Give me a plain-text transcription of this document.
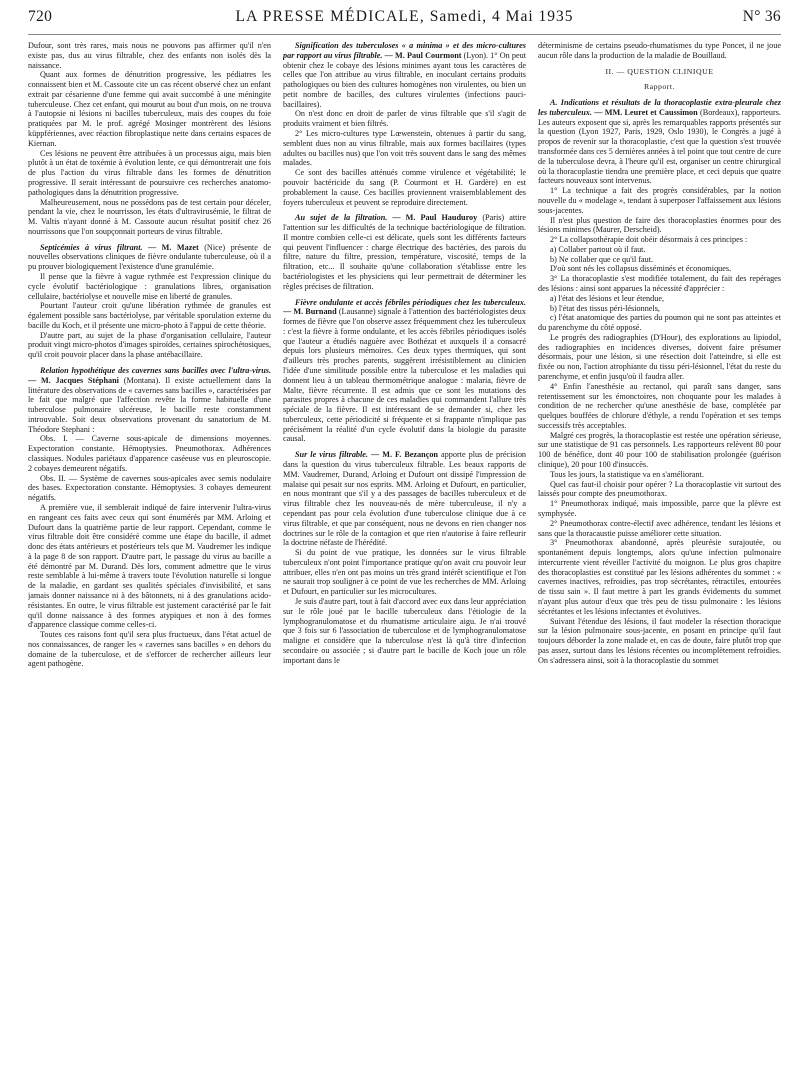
720	LA PRESSE MÉDICALE, Samedi, 4 Mai 1935	N° 36

Dufour, sont très rares, mais nous ne pouvons pas affirmer qu'il n'en existe pas, dus au virus filtrable, chez des enfants non isolés dès la naissance.

Quant aux formes de dénutrition progressive, les pédiatres les connaissent bien et M. Cassoute cite un cas récent observé chez un enfant extrait par césarienne d'une femme qui avait succombé à une méningite tuberculeuse. Chez cet enfant, qui mourut au bout d'un mois, on ne trouva à l'autopsie ni lésions ni bacilles tuberculeux, mais des coupes du foie pratiquées par M. le prof. agrégé Mosinger montrèrent des lésions küppfériennes, avec réaction fibroplastique nette dans certains espaces de Kiernan.

Ces lésions ne peuvent être attribuées à un processus aigu, mais bien plutôt à un état de toxémie à évolution lente, ce qui démontrerait une fois de plus l'action du virus filtrable dans les formes de dénutrition progressive. Il serait intéressant de poursuivre ces recherches anatomo-pathologiques dans la dénutrition progressive.

Malheureusement, nous ne possédons pas de test certain pour déceler, pendant la vie, chez le nourrisson, les états d'ultravirusémie, le filtrat de M. Valtis n'ayant donné à M. Cassoute aucun résultat positif chez 26 nourrissons que l'on soupçonnait porteurs de virus filtrable.

Septicémies à virus filtrant. — M. Mazet (Nice) présente de nouvelles observations cliniques de fièvre ondulante tuberculeuse, où il a pu prouver biologiquement l'existence d'une granulémie.

Il pense que la fièvre à vague rythmée est l'expression clinique du cycle évolutif bactériologique : granulations libres, organisation cellulaire, bactériolyse et nouvelle mise en liberté de granules.

Pourtant l'auteur croit qu'une libération rythmée de granules est également possible sans bactériolyse, par véritable sporulation externe du bacille du Koch, et il présente une micro-photo à l'appui de cette théorie.

D'autre part, au sujet de la phase d'organisation cellulaire, l'auteur produit vingt micro-photos d'images spiroïdes, certaines spirochétosiques, qu'il croit pouvoir placer dans la phase antébacillaire.

Relation hypothétique des cavernes sans bacilles avec l'ultra-virus. — M. Jacques Stéphani (Montana). Il existe actuellement dans la littérature des observations de « cavernes sans bacilles », caractérisées par le fait que malgré que l'affection revête la forme habituelle d'une tuberculose pulmonaire ulcéreuse, le bacille reste constamment introuvable. Soit deux observations provenant du sanatorium de M. Théodore Stephani :

Obs. I. — Caverne sous-apicale de dimensions moyennes. Expectoration constante. Hémoptysies. Pneumothorax. Adhérences classiques. Nodules pariétaux d'apparence caséeuse vus en pleuroscopie. 2 cobayes demeurent négatifs.

Obs. II. — Système de cavernes sous-apicales avec semis nodulaire des bases. Expectoration constante. Hémoptysies. 3 cobayes demeurent négatifs.

A première vue, il semblerait indiqué de faire intervenir l'ultra-virus en rangeant ces faits avec ceux qui sont énumérés par MM. Arloing et Dufourt dans la quatrième partie de leur rapport. Cependant, comme le virus filtrable doit être considéré comme une étape du bacille, il admet donc des états antérieurs et postérieurs tels que M. Vaudremer les indique à la page 8 de son rapport. D'autre part, le passage du virus au bacille a été démontré par M. Durand. Dès lors, comment admettre que le virus reste semblable à lui-même à travers toute l'évolution naturelle si longue de la maladie, en gardant ses qualités spéciales d'invisibilité, et sans jamais donner naissance ni à des bâtonnets, ni à des granulations acido-résistantes. En outre, le virus filtrable est justement caractérisé par le fait qu'il donne naissance à des formes atypiques et non à des formes d'apparence classique comme celles-ci.

Toutes ces raisons font qu'il sera plus fructueux, dans l'état actuel de nos connaissances, de ranger les « cavernes sans bacilles » en dehors du domaine de la tuberculose, et de s'efforcer de rechercher ailleurs leur agent pathogène.

Signification des tuberculoses « a minima » et des micro-cultures par rapport au virus filtrable. — M. Paul Courmont (Lyon). 1° On peut obtenir chez le cobaye des lésions minimes ayant tous les caractères de celles que l'on attribue au virus filtrable, en inoculant certains produits pathologiques ou bien des cultures homogènes non virulentes, ou bien un petit nombre de bacilles, des cultures virulentes (infections pauci-bacillaires).

On n'est donc en droit de parler de virus filtrable que s'il s'agit de produits vraiment et bien filtrés.

2° Les micro-cultures type Lœwenstein, obtenues à partir du sang, semblent dues non au virus filtrable, mais aux formes bacillaires (types adultes ou bacilles nus) que l'on voit très souvent dans le sang des mêmes malades.

Ce sont des bacilles atténués comme virulence et végétabilité; le pouvoir bactéricide du sang (P. Courmont et H. Gardère) en est probablement la cause. Ces bacilles proviennent vraisemblablement des foyers tuberculeux et peuvent se reproduire directement.

Au sujet de la filtration. — M. Paul Hauduroy (Paris) attire l'attention sur les difficultés de la technique bactériologique de filtration. Il montre combien celle-ci est délicate, quels sont les différents facteurs qui peuvent l'influencer : charge électrique des bactéries, des parois du filtre, nature du filtre, pression, température, viscosité, temps de la filtration, etc... Il souhaite qu'une collaboration s'établisse entre les bactériologistes et les physiciens qui leur permettrait de déterminer les règles précises de filtration.

Fièvre ondulante et accès fébriles périodiques chez les tuberculeux. — M. Burnand (Lausanne) signale à l'attention des bactériologistes deux formes de fièvre que l'on observe assez fréquemment chez les tuberculeux : c'est la fièvre à forme ondulante, et les accès fébriles périodiques isolés que l'auteur a étudiés naguère avec Bothézat et auxquels il a consacré depuis lors plusieurs mémoires. Ces deux types thermiques, qui sont d'ailleurs très proches parents, suggèrent irrésistiblement au clinicien l'idée d'une similitude possible entre la tuberculose et les maladies qui donnent lieu à un tableau thermométrique analogue : malaria, fièvre de Malte, fièvre récurrente. Il est admis que ce sont les mutations des parasites propres à chacune de ces maladies qui commandent l'allure très spéciale de la fièvre. Il est intéressant de se demander si, chez les tuberculeux, cette périodicité si fréquente et si frappante n'implique pas précisément la réalité d'un cycle évolutif dans la biologie du parasite causal.

Sur le virus filtrable. — M. F. Bezançon apporte plus de précision dans la question du virus tuberculeux filtrable. Les beaux rapports de MM. Vaudremer, Durand, Arloing et Dufourt ont dissipé l'impression de malaise qui pesait sur nos esprits. MM. Arloing et Dufourt, en particulier, en nous montrant que s'il y a des passages de bacilles tuberculeux et de virus filtrable chez les nouveau-nés de mère tuberculeuse, il n'y a cependant pas pour cela évolution d'une tuberculose clinique due à ce virus filtrable, et que par conséquent, nous ne devons en rien changer nos doctrines sur le rôle de la contagion et que rien n'autorise à faire refleurir la doctrine néfaste de l'hérédité.

Si du point de vue pratique, les données sur le virus filtrable tuberculeux n'ont point l'importance pratique qu'on avait cru pouvoir leur attribuer, elles n'en ont pas moins un très grand intérêt scientifique et l'on ne saurait trop souligner à ce point de vue les recherches de MM. Arloing et Dufourt, en particulier sur les microcultures.

Je suis d'autre part, tout à fait d'accord avec eux dans leur appréciation sur le rôle joué par le bacille tuberculeux dans l'étiologie de la lymphogranulomatose et du rhumatisme articulaire aigu. Je n'ai trouvé que 3 fois sur 6 l'association de tuberculose et de lymphogranulomatose maligne et considère que la tuberculose n'est là qu'à titre d'infection secondaire ou associée ; si d'autre part le bacille de Koch joue un rôle important dans le

déterminisme de certains pseudo-rhumatismes du type Poncet, il ne joue aucun rôle dans la production de la maladie de Bouillaud.

II. — QUESTION CLINIQUE

Rapport.

A. Indications et résultats de la thoracoplastie extra-pleurale chez les tuberculeux. — MM. Leuret et Caussimon (Bordeaux), rapporteurs. Les auteurs exposent que si, après les remarquables rapports présentés sur la question (Lyon 1927, Paris, 1929, Oslo 1930), le Congrès a jugé à propos de revenir sur la thoracoplastie, c'est que la question s'est trouvée transformée dans ces 5 dernières années à tel point que tout centre de cure de la tuberculose devra, à l'heure qu'il est, organiser un centre chirurgical où la thoracoplastie tiendra une première place, et ceci depuis que quatre facteurs nouveaux sont intervenus.

1° La technique a fait des progrès considérables, par la notion nouvelle du « modelage », tendant à superposer l'affaissement aux lésions sous-jacentes.

Il n'est plus question de faire des thoracoplasties énormes pour des lésions minimes (Maurer, Derscheid).

2° La collapsothérapie doit obéir désormais à ces principes :

a) Collaber partout où il faut.

b) Ne collaber que ce qu'il faut.

D'où sont nés les collapsus disséminés et économiques.

3° La thoracoplastie s'est modifiée totalement, du fait des repérages des lésions : ainsi sont apparues la nécessité d'apprécier :

a) l'état des lésions et leur étendue,

b) l'état des tissus péri-lésionnels,

c) l'état anatomique des parties du poumon qui ne sont pas atteintes et du parenchyme du côté opposé.

Le progrès des radiographies (D'Hour), des explorations au lipiodol, des radiographies en incidences diverses, doivent faire présumer désormais, pour une lésion, si une résection doit l'atteindre, si elle est fixée ou non, l'action atrophiante du tissu péri-lésionnel, l'état du reste du parenchyme, et enfin jusqu'où il faudra aller.

4° Enfin l'anesthésie au rectanol, qui paraît sans danger, sans retentissement sur les émonctoires, non choquante pour les malades à condition de ne rechercher qu'une anesthésie de base, complétée par quelques bouffées de chlorure d'éthyle, a rendu l'opération et ses temps successifs très acceptables.

Malgré ces progrès, la thoracoplastie est restée une opération sérieuse, sur une statistique de 91 cas personnels. Les rapporteurs relèvent 80 pour 100 de bénéfice, dont 40 pour 100 de stabilisation prolongée (guérison clinique), 20 pour 100 d'insuccès.

Tous les jours, la statistique va en s'améliorant.

Quel cas faut-il choisir pour opérer ? La thoracoplastie vit surtout des laissés pour compte des pneumothorax.

1° Pneumothorax indiqué, mais impossible, parce que la plèvre est symphysée.

2° Pneumothorax contre-électif avec adhérence, tendant les lésions et sans que la thoracaustie puisse améliorer cette situation.

3° Pneumothorax abandonné, après pleurésie surajoutée, ou spontanément depuis longtemps, alors qu'une infection pulmonaire intercurrente vient réveiller l'activité du moignon. Le plus gros chapitre des thoracoplasties est constitué par les lésions adhérentes du sommet : « cavernes inactives, refroidies, pas trop sécrétantes, rétractiles, entourées de tissu sain ». Il faut mettre à part les grands évidements du sommet n'ayant plus autour d'eux que très peu de tissu pulmonaire : les lésions sécrétantes et les lésions infectantes et évolutives.

Suivant l'étendue des lésions, il faut modeler la résection thoracique sur la lésion pulmonaire sous-jacente, en posant en principe qu'il faut toujours déborder la zone malade et, en cas de doute, faire plutôt trop que pas assez, surtout dans les lésions récentes ou incomplètement refroidies. On s'adressera ainsi, soit à la thoracoplastie du sommet
